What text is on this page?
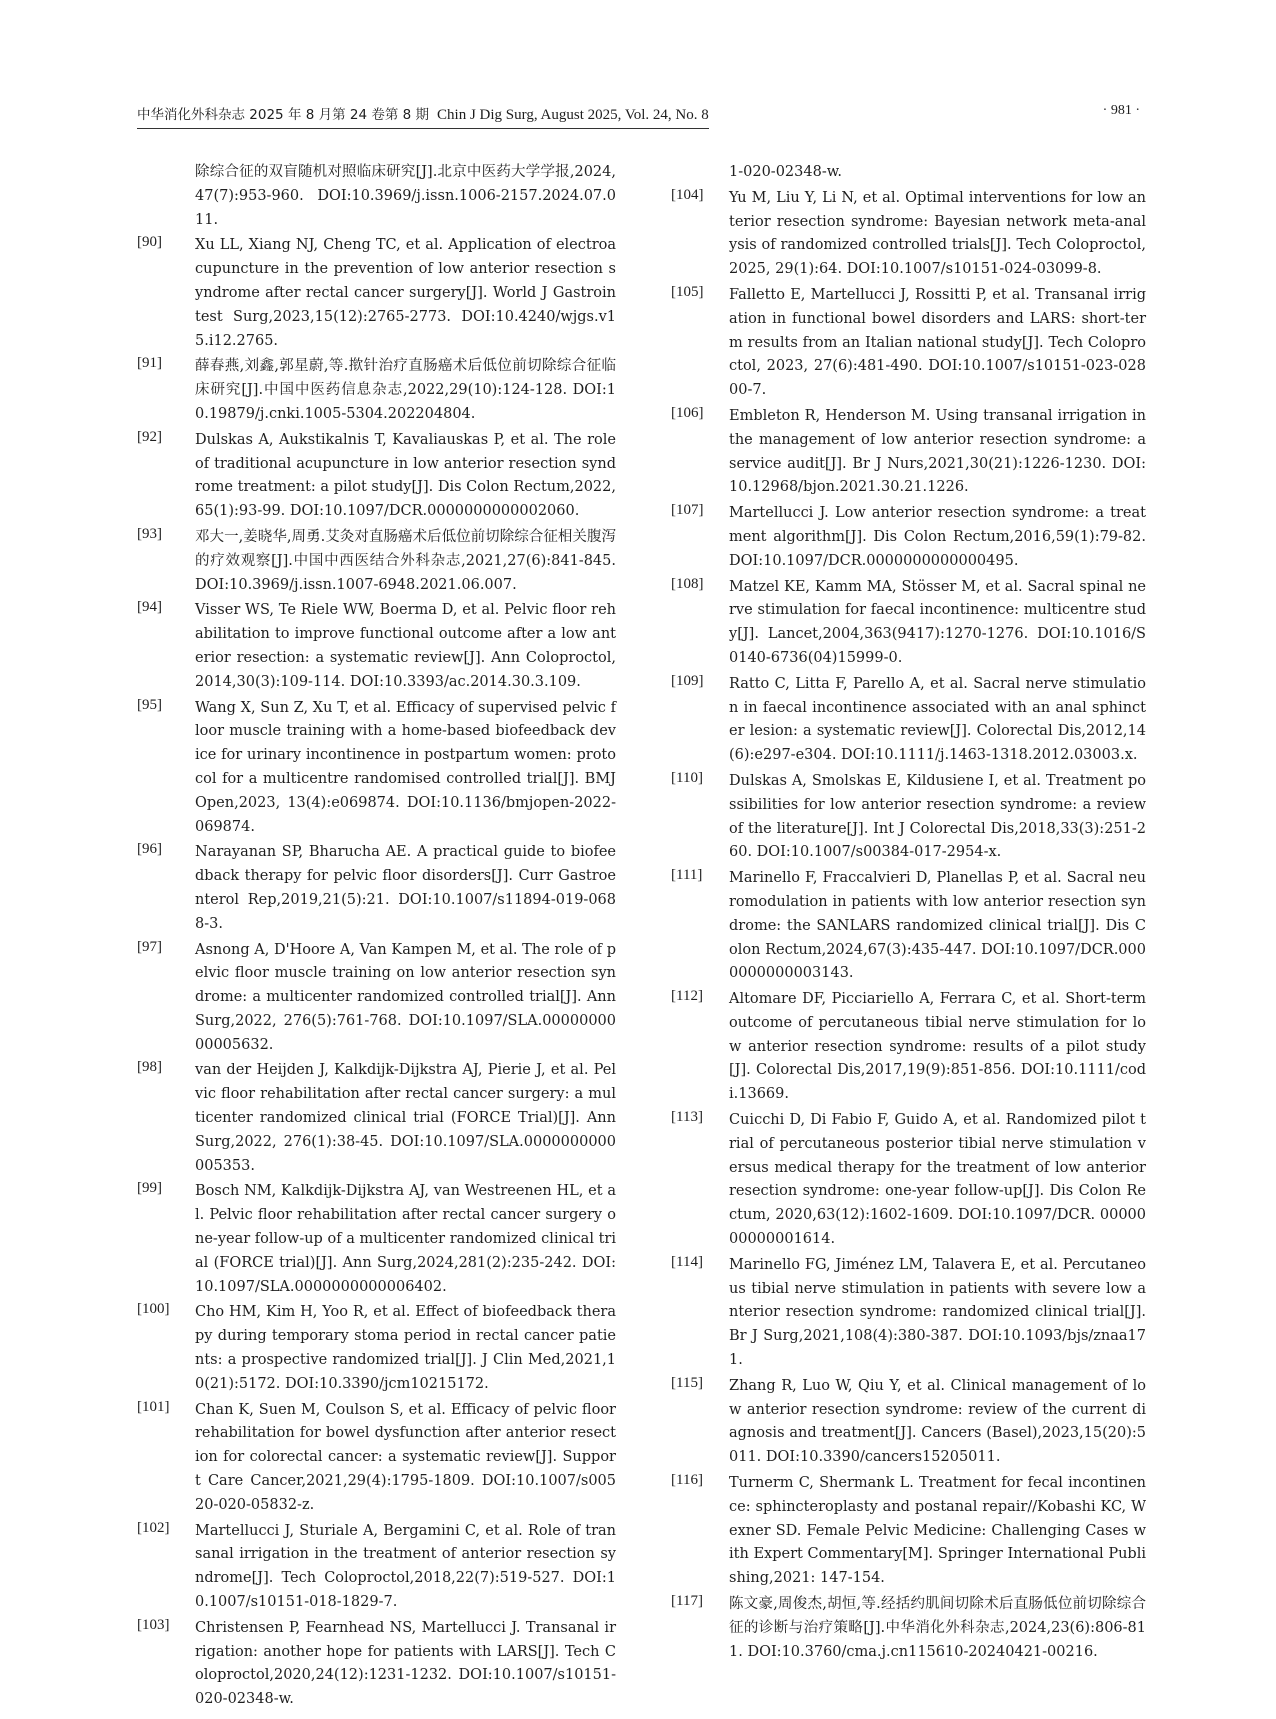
中华消化外科杂志 2025 年 8 月第 24 卷第 8 期 Chin J Dig Surg, August 2025, Vol. 24, No. 8	· 981 ·
除综合征的双盲随机对照临床研究[J].北京中医药大学学报,2024,47(7):953-960. DOI:10.3969/j.issn.1006-2157.2024.07.011.
[90] Xu LL, Xiang NJ, Cheng TC, et al. Application of electroacupuncture in the prevention of low anterior resection syndrome after rectal cancer surgery[J]. World J Gastrointest Surg,2023,15(12):2765-2773. DOI:10.4240/wjgs.v15.i12.2765.
[91] 薛春燕,刘鑫,郭星蔚,等.揿针治疗直肠癌术后低位前切除综合征临床研究[J].中国中医药信息杂志,2022,29(10):124-128. DOI:10.19879/j.cnki.1005-5304.202204804.
[92] Dulskas A, Aukstikalnis T, Kavaliauskas P, et al. The role of traditional acupuncture in low anterior resection syndrome treatment: a pilot study[J]. Dis Colon Rectum,2022,65(1):93-99. DOI:10.1097/DCR.0000000000002060.
[93] 邓大一,姜晓华,周勇.艾灸对直肠癌术后低位前切除综合征相关腹泻的疗效观察[J].中国中西医结合外科杂志,2021,27(6):841-845. DOI:10.3969/j.issn.1007-6948.2021.06.007.
[94] Visser WS, Te Riele WW, Boerma D, et al. Pelvic floor rehabilitation to improve functional outcome after a low anterior resection: a systematic review[J]. Ann Coloproctol,2014,30(3):109-114. DOI:10.3393/ac.2014.30.3.109.
[95] Wang X, Sun Z, Xu T, et al. Efficacy of supervised pelvic floor muscle training with a home-based biofeedback device for urinary incontinence in postpartum women: protocol for a multicentre randomised controlled trial[J]. BMJ Open,2023, 13(4):e069874. DOI:10.1136/bmjopen-2022-069874.
[96] Narayanan SP, Bharucha AE. A practical guide to biofeedback therapy for pelvic floor disorders[J]. Curr Gastroenterol Rep,2019,21(5):21. DOI:10.1007/s11894-019-0688-3.
[97] Asnong A, D'Hoore A, Van Kampen M, et al. The role of pelvic floor muscle training on low anterior resection syndrome: a multicenter randomized controlled trial[J]. Ann Surg,2022, 276(5):761-768. DOI:10.1097/SLA.0000000000005632.
[98] van der Heijden J, Kalkdijk-Dijkstra AJ, Pierie J, et al. Pelvic floor rehabilitation after rectal cancer surgery: a multicenter randomized clinical trial (FORCE Trial)[J]. Ann Surg,2022, 276(1):38-45. DOI:10.1097/SLA.0000000000005353.
[99] Bosch NM, Kalkdijk-Dijkstra AJ, van Westreenen HL, et al. Pelvic floor rehabilitation after rectal cancer surgery one-year follow-up of a multicenter randomized clinical trial (FORCE trial)[J]. Ann Surg,2024,281(2):235-242. DOI:10.1097/SLA.0000000000006402.
[100] Cho HM, Kim H, Yoo R, et al. Effect of biofeedback therapy during temporary stoma period in rectal cancer patients: a prospective randomized trial[J]. J Clin Med,2021,10(21):5172. DOI:10.3390/jcm10215172.
[101] Chan K, Suen M, Coulson S, et al. Efficacy of pelvic floor rehabilitation for bowel dysfunction after anterior resection for colorectal cancer: a systematic review[J]. Support Care Cancer,2021,29(4):1795-1809. DOI:10.1007/s00520-020-05832-z.
[102] Martellucci J, Sturiale A, Bergamini C, et al. Role of transanal irrigation in the treatment of anterior resection syndrome[J]. Tech Coloproctol,2018,22(7):519-527. DOI:10.1007/s10151-018-1829-7.
[103] Christensen P, Fearnhead NS, Martellucci J. Transanal irrigation: another hope for patients with LARS[J]. Tech Coloproctol,2020,24(12):1231-1232. DOI:10.1007/s10151-020-02348-w.
1-020-02348-w.
[104] Yu M, Liu Y, Li N, et al. Optimal interventions for low anterior resection syndrome: Bayesian network meta-analysis of randomized controlled trials[J]. Tech Coloproctol,2025, 29(1):64. DOI:10.1007/s10151-024-03099-8.
[105] Falletto E, Martellucci J, Rossitti P, et al. Transanal irrigation in functional bowel disorders and LARS: short-term results from an Italian national study[J]. Tech Coloproctol, 2023, 27(6):481-490. DOI:10.1007/s10151-023-02800-7.
[106] Embleton R, Henderson M. Using transanal irrigation in the management of low anterior resection syndrome: a service audit[J]. Br J Nurs,2021,30(21):1226-1230. DOI:10.12968/bjon.2021.30.21.1226.
[107] Martellucci J. Low anterior resection syndrome: a treatment algorithm[J]. Dis Colon Rectum,2016,59(1):79-82. DOI:10.1097/DCR.0000000000000495.
[108] Matzel KE, Kamm MA, Stösser M, et al. Sacral spinal nerve stimulation for faecal incontinence: multicentre study[J]. Lancet,2004,363(9417):1270-1276. DOI:10.1016/S0140-6736(04)15999-0.
[109] Ratto C, Litta F, Parello A, et al. Sacral nerve stimulation in faecal incontinence associated with an anal sphincter lesion: a systematic review[J]. Colorectal Dis,2012,14(6):e297-e304. DOI:10.1111/j.1463-1318.2012.03003.x.
[110] Dulskas A, Smolskas E, Kildusiene I, et al. Treatment possibilities for low anterior resection syndrome: a review of the literature[J]. Int J Colorectal Dis,2018,33(3):251-260. DOI:10.1007/s00384-017-2954-x.
[111] Marinello F, Fraccalvieri D, Planellas P, et al. Sacral neuromodulation in patients with low anterior resection syndrome: the SANLARS randomized clinical trial[J]. Dis Colon Rectum,2024,67(3):435-447. DOI:10.1097/DCR.0000000000003143.
[112] Altomare DF, Picciariello A, Ferrara C, et al. Short-term outcome of percutaneous tibial nerve stimulation for low anterior resection syndrome: results of a pilot study[J]. Colorectal Dis,2017,19(9):851-856. DOI:10.1111/codi.13669.
[113] Cuicchi D, Di Fabio F, Guido A, et al. Randomized pilot trial of percutaneous posterior tibial nerve stimulation versus medical therapy for the treatment of low anterior resection syndrome: one-year follow-up[J]. Dis Colon Rectum, 2020,63(12):1602-1609. DOI:10.1097/DCR. 0000000000001614.
[114] Marinello FG, Jiménez LM, Talavera E, et al. Percutaneous tibial nerve stimulation in patients with severe low anterior resection syndrome: randomized clinical trial[J]. Br J Surg,2021,108(4):380-387. DOI:10.1093/bjs/znaa171.
[115] Zhang R, Luo W, Qiu Y, et al. Clinical management of low anterior resection syndrome: review of the current diagnosis and treatment[J]. Cancers (Basel),2023,15(20):5011. DOI:10.3390/cancers15205011.
[116] Turnerm C, Shermank L. Treatment for fecal incontinence: sphincteroplasty and postanal repair//Kobashi KC, Wexner SD. Female Pelvic Medicine: Challenging Cases with Expert Commentary[M]. Springer International Publishing,2021: 147-154.
[117] 陈文豪,周俊杰,胡恒,等.经括约肌间切除术后直肠低位前切除综合征的诊断与治疗策略[J].中华消化外科杂志,2024,23(6):806-811. DOI:10.3760/cma.j.cn115610-20240421-00216.
